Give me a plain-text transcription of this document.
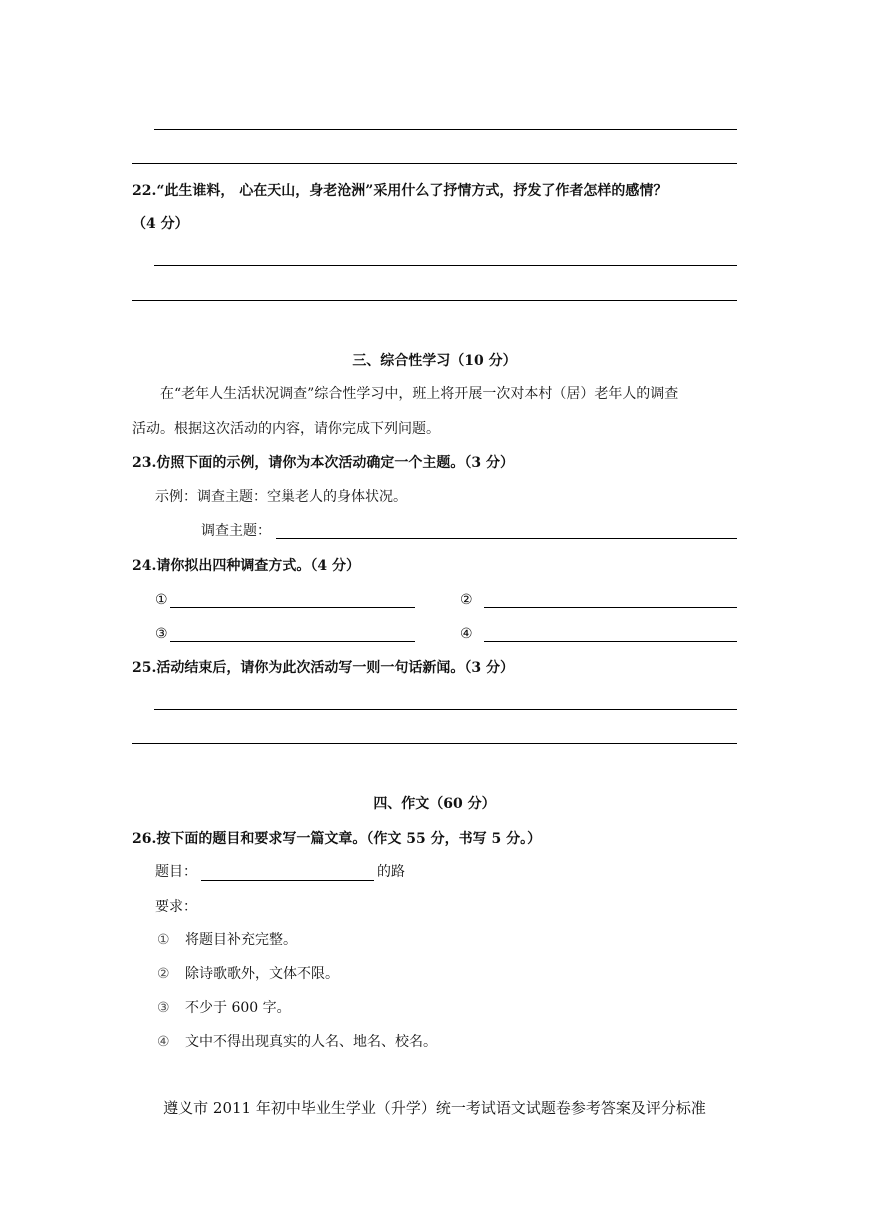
22.“此生谁料， 心在天山，身老沧洲”采用什么了抒情方式，抒发了作者怎样的感情？
（4 分）
三、综合性学习（10 分）
在“老年人生活状况调查”综合性学习中，班上将开展一次对本村（居）老年人的调查
活动。根据这次活动的内容，请你完成下列问题。
23.仿照下面的示例，请你为本次活动确定一个主题。（3 分）
示例：调查主题：空巢老人的身体状况。
调查主题：
24.请你拟出四种调查方式。（4 分）
①	②
③	④
25.活动结束后，请你为此次活动写一则一句话新闻。（3 分）
四、作文（60 分）
26.按下面的题目和要求写一篇文章。（作文 55 分，书写 5 分。）
题目：	的路
要求：
① 将题目补充完整。
② 除诗歌歌外，文体不限。
③ 不少于 600 字。
④ 文中不得出现真实的人名、地名、校名。
遵义市 2011 年初中毕业生学业（升学）统一考试语文试题卷参考答案及评分标准
